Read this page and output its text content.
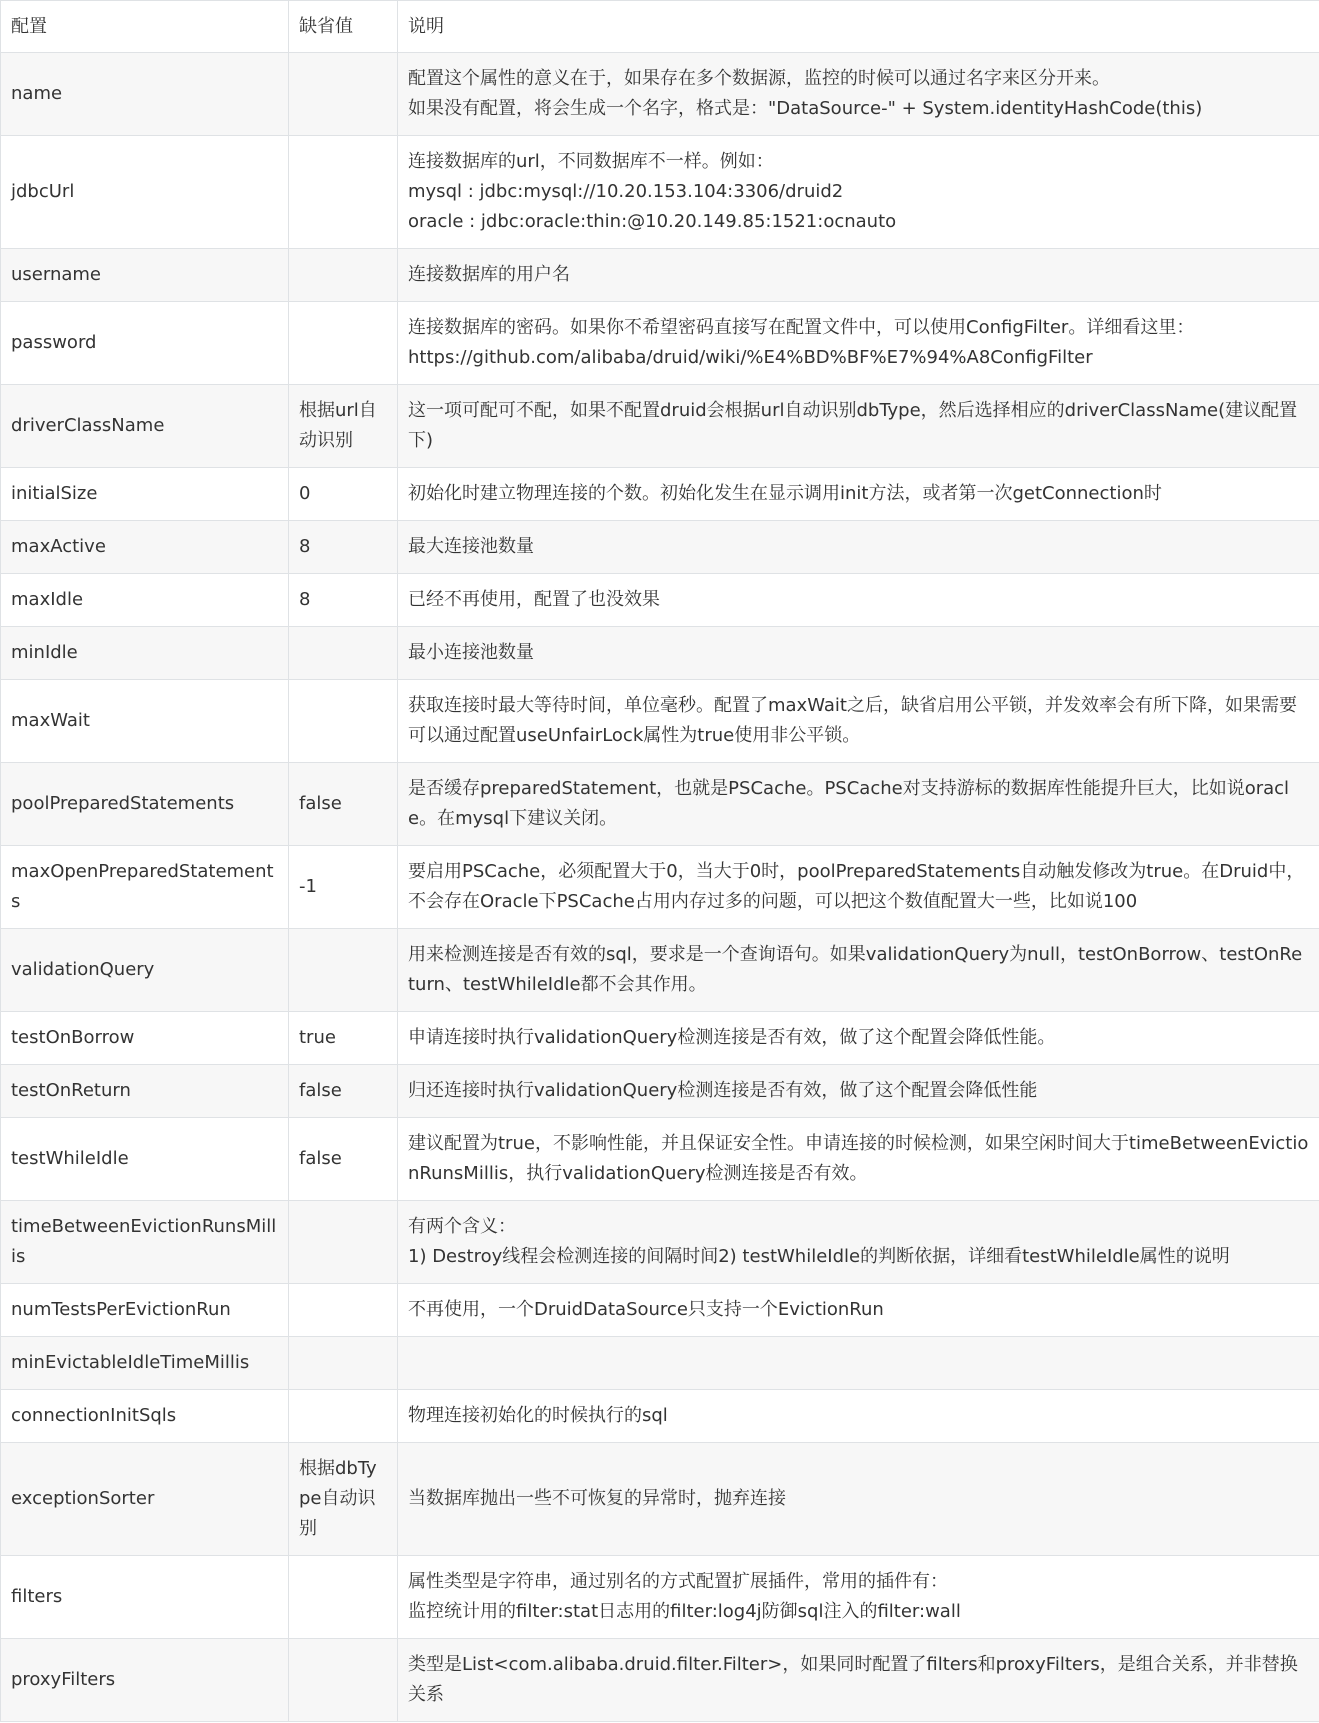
配置	缺省值	说明
name		配置这个属性的意义在于，如果存在多个数据源，监控的时候可以通过名字来区分开来。
如果没有配置，将会生成一个名字，格式是："DataSource-" + System.identityHashCode(this)

jdbcUrl		连接数据库的url，不同数据库不一样。例如：
mysql : jdbc:mysql://10.20.153.104:3306/druid2
oracle : jdbc:oracle:thin:@10.20.149.85:1521:ocnauto

username		连接数据库的用户名

password		连接数据库的密码。如果你不希望密码直接写在配置文件中，可以使用ConfigFilter。详细看这里：
https://github.com/alibaba/druid/wiki/%E4%BD%BF%E7%94%A8ConfigFilter

driverClassName	根据url自动识别	这一项可配可不配，如果不配置druid会根据url自动识别dbType，然后选择相应的driverClassName(建议配置下)

initialSize	0	初始化时建立物理连接的个数。初始化发生在显示调用init方法，或者第一次getConnection时

maxActive	8	最大连接池数量

maxIdle	8	已经不再使用，配置了也没效果

minIdle		最小连接池数量

maxWait		获取连接时最大等待时间，单位毫秒。配置了maxWait之后，缺省启用公平锁，并发效率会有所下降，如果需要可以通过配置useUnfairLock属性为true使用非公平锁。

poolPreparedStatements	false	是否缓存preparedStatement，也就是PSCache。PSCache对支持游标的数据库性能提升巨大，比如说oracle。在mysql下建议关闭。

maxOpenPreparedStatements	-1	要启用PSCache，必须配置大于0，当大于0时，poolPreparedStatements自动触发修改为true。在Druid中，不会存在Oracle下PSCache占用内存过多的问题，可以把这个数值配置大一些，比如说100

validationQuery		用来检测连接是否有效的sql，要求是一个查询语句。如果validationQuery为null，testOnBorrow、testOnReturn、testWhileIdle都不会其作用。

testOnBorrow	true	申请连接时执行validationQuery检测连接是否有效，做了这个配置会降低性能。

testOnReturn	false	归还连接时执行validationQuery检测连接是否有效，做了这个配置会降低性能

testWhileIdle	false	建议配置为true，不影响性能，并且保证安全性。申请连接的时候检测，如果空闲时间大于timeBetweenEvictionRunsMillis，执行validationQuery检测连接是否有效。

timeBetweenEvictionRunsMillis		有两个含义：
1) Destroy线程会检测连接的间隔时间2) testWhileIdle的判断依据，详细看testWhileIdle属性的说明

numTestsPerEvictionRun		不再使用，一个DruidDataSource只支持一个EvictionRun

minEvictableIdleTimeMillis		
connectionInitSqls		物理连接初始化的时候执行的sql

exceptionSorter	根据dbType自动识别	当数据库抛出一些不可恢复的异常时，抛弃连接

filters		属性类型是字符串，通过别名的方式配置扩展插件，常用的插件有：
监控统计用的filter:stat日志用的filter:log4j防御sql注入的filter:wall

proxyFilters		类型是List<com.alibaba.druid.filter.Filter>，如果同时配置了filters和proxyFilters，是组合关系，并非替换关系
